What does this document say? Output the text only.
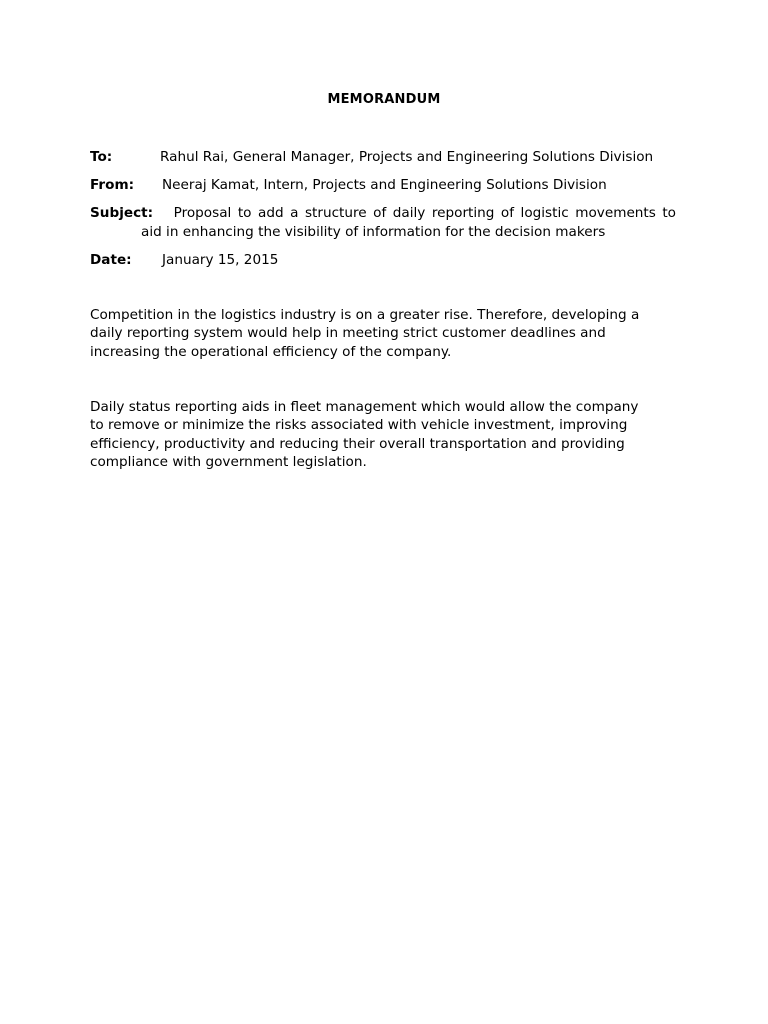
MEMORANDUM
To:	Rahul Rai, General Manager, Projects and Engineering Solutions Division
From: Neeraj Kamat, Intern, Projects and Engineering Solutions Division
Subject: Proposal to add a structure of daily reporting of logistic movements to
aid in enhancing the visibility of information for the decision makers
Date: January 15, 2015

Competition in the logistics industry is on a greater rise. Therefore, developing a daily reporting system would help in meeting strict customer deadlines and increasing the operational efficiency of the company.

Daily status reporting aids in fleet management which would allow the company to remove or minimize the risks associated with vehicle investment, improving efficiency, productivity and reducing their overall transportation and providing compliance with government legislation.
